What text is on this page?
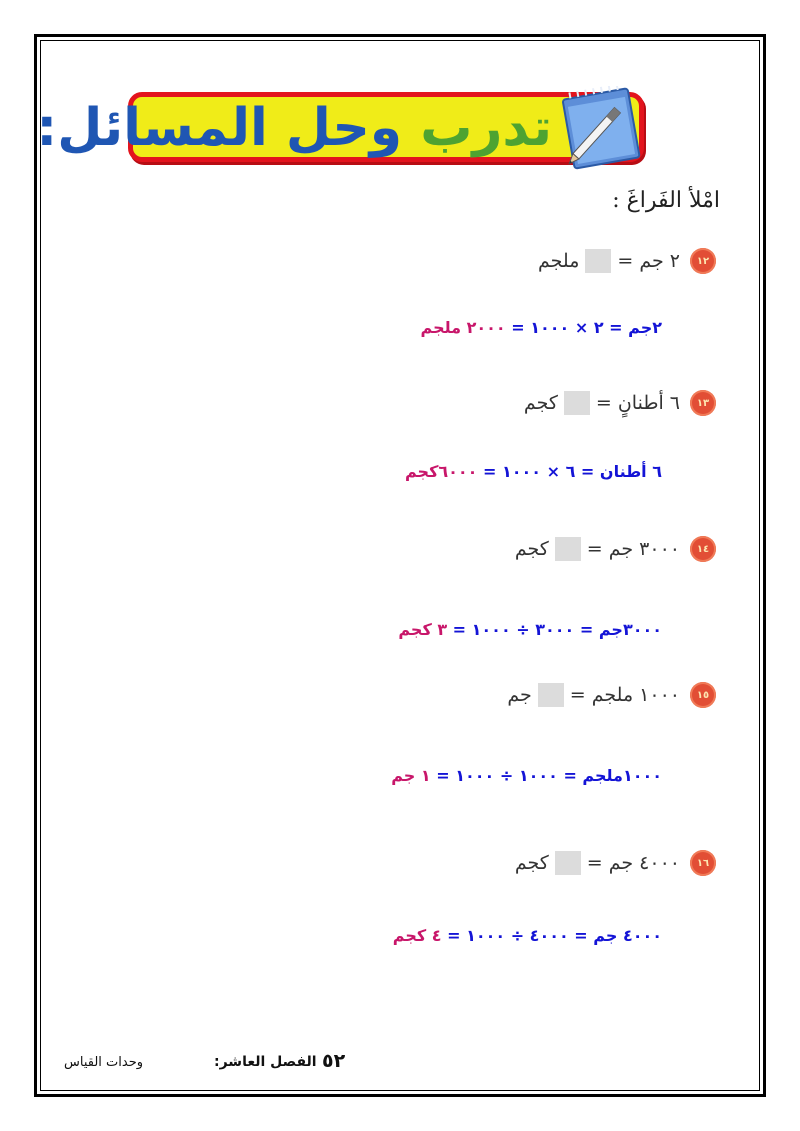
تدرب وحل المسائل:
امْلأ الفَراغَ :
١٢
٢ جم =
ملجم
٢جم = ٢ × ١٠٠٠ = ٢٠٠٠ ملجم
١٣
٦ أطنانٍ =
كجم
٦ أطنان = ٦ × ١٠٠٠ = ٦٠٠٠كجم
١٤
٣٠٠٠ جم =
كجم
٣٠٠٠جم = ٣٠٠٠ ÷ ١٠٠٠ = ٣ كجم
١٥
١٠٠٠ ملجم =
جم
١٠٠٠ملجم = ١٠٠٠ ÷ ١٠٠٠ = ١ جم
١٦
٤٠٠٠ جم =
كجم
٤٠٠٠ جم = ٤٠٠٠ ÷ ١٠٠٠ = ٤ كجم
٥٢
الفصل العاشر:
وحدات القياس
